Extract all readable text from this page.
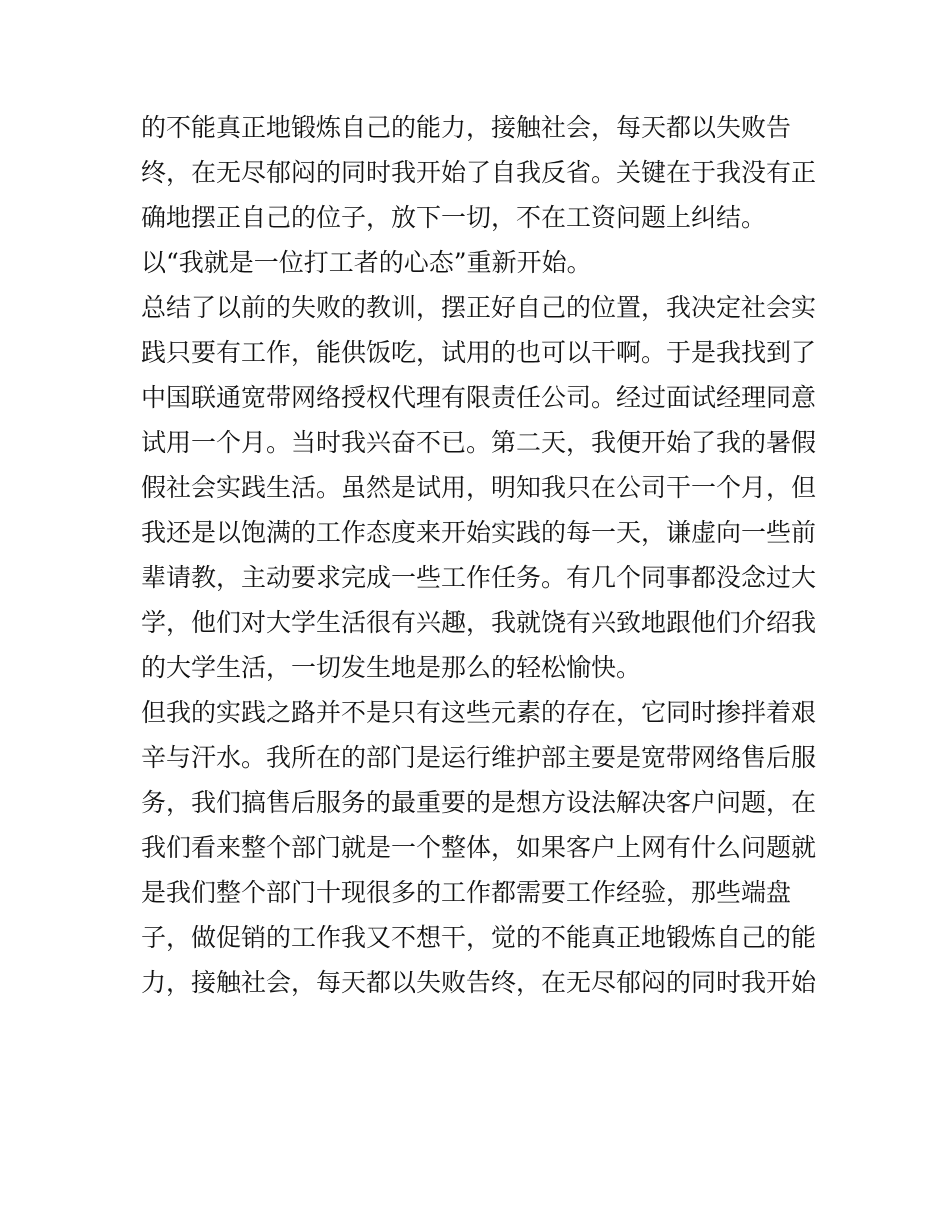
的不能真正地锻炼自己的能力，接触社会，每天都以失败告
终，在无尽郁闷的同时我开始了自我反省。关键在于我没有正
确地摆正自己的位子，放下一切，不在工资问题上纠结。
以“我就是一位打工者的心态”重新开始。
总结了以前的失败的教训，摆正好自己的位置，我决定社会实
践只要有工作，能供饭吃，试用的也可以干啊。于是我找到了
中国联通宽带网络授权代理有限责任公司。经过面试经理同意
试用一个月。当时我兴奋不已。第二天，我便开始了我的暑假
假社会实践生活。虽然是试用，明知我只在公司干一个月，但
我还是以饱满的工作态度来开始实践的每一天，谦虚向一些前
辈请教，主动要求完成一些工作任务。有几个同事都没念过大
学，他们对大学生活很有兴趣，我就饶有兴致地跟他们介绍我
的大学生活，一切发生地是那么的轻松愉快。
但我的实践之路并不是只有这些元素的存在，它同时掺拌着艰
辛与汗水。我所在的部门是运行维护部主要是宽带网络售后服
务，我们搞售后服务的最重要的是想方设法解决客户问题，在
我们看来整个部门就是一个整体，如果客户上网有什么问题就
是我们整个部门十现很多的工作都需要工作经验，那些端盘
子，做促销的工作我又不想干，觉的不能真正地锻炼自己的能
力，接触社会，每天都以失败告终，在无尽郁闷的同时我开始
